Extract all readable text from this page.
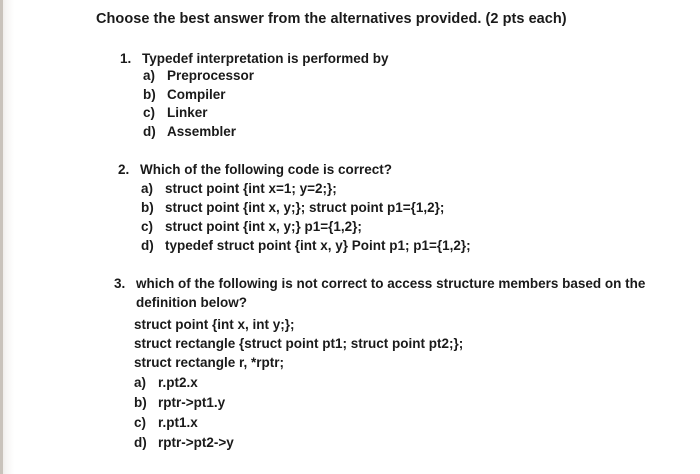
Choose the best answer from the alternatives provided. (2 pts each)
1. Typedef interpretation is performed by
a) Preprocessor
b) Compiler
c) Linker
d) Assembler
2. Which of the following code is correct?
a) struct point {int x=1; y=2;};
b) struct point {int x, y;}; struct point p1={1,2};
c) struct point {int x, y;} p1={1,2};
d) typedef struct point {int x, y} Point p1; p1={1,2};
3. which of the following is not correct to access structure members based on the
definition below?
struct point {int x, int y;};
struct rectangle {struct point pt1; struct point pt2;};
struct rectangle r, *rptr;
a) r.pt2.x
b) rptr->pt1.y
c) r.pt1.x
d) rptr->pt2->y
